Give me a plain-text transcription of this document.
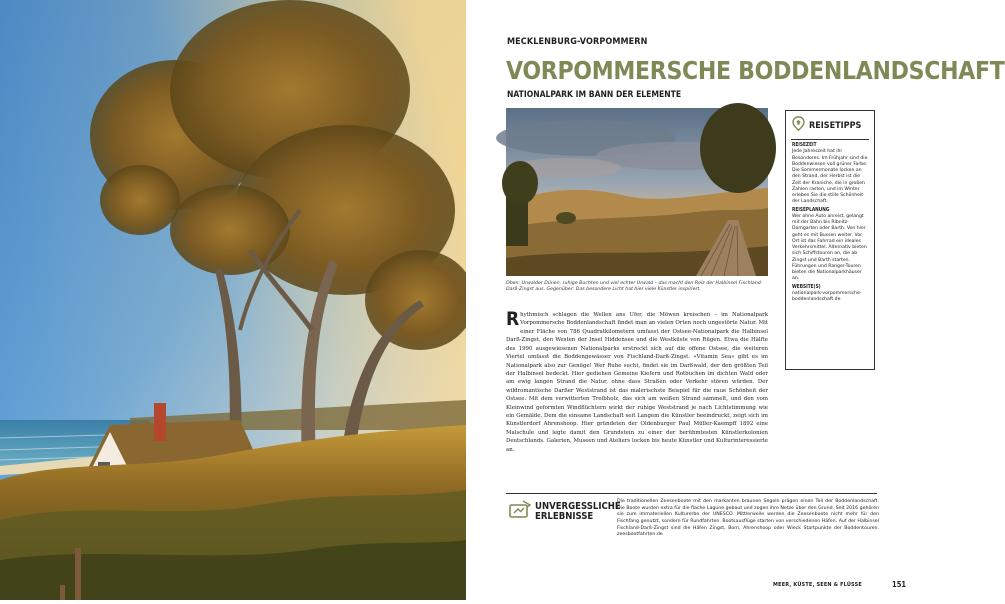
MECKLENBURG-VORPOMMERN
VORPOMMERSCHE BODDENLANDSCHAFT
NATIONALPARK IM BANN DER ELEMENTE
Oben: Urwalder Dünen, ruhige Buchten und viel echter Urwald – das macht den Reiz der Halbinsel Fischland-Darß-Zingst aus. Gegenüber: Das besondere Licht hat hier viele Künstler inspiriert.

Rhythmisch schlagen die Wellen ans Ufer, die Möwen kreischen – im Nationalpark Vorpommersche Boddenlandschaft findet man an vielen Orten noch ungestörte Natur. Mit einer Fläche von 786 Quadratkilometern umfasst der Ostsee-Nationalpark die Halbinsel Darß-Zingst, den Westen der Insel Hiddensee und die Westküste von Rügen. Etwa die Hälfte des 1990 ausgewiesenen Nationalparks erstreckt sich auf die offene Ostsee, die weiteren Viertel umfasst die Boddengewässer von Fischland-Darß-Zingst. »Vitamin Sea« gibt es im Nationalpark also zur Genüge! Wer Ruhe sucht, findet sie im Darßwald, der den größten Teil der Halbinsel bedeckt. Hier gediehen Gemeine Kiefern und Rotbuchen im dichten Wald oder am ewig langen Strand die Natur, ohne dass Straßen oder Verkehr stören würden. Der wildromantische Darßer Weststrand ist das malerischste Beispiel für die raue Schönheit der Ostsee. Mit dem verwitterten Treibholz, das sich am weißen Strand sammelt, und den vom Kleinwind geformten Windflüchtern wirkt der ruhige Weststrand je nach Lichtstimmung wie ein Gemälde. Dem die einsame Landschaft seit Langem die Künstler beeindruckt, zeigt sich im Künstlerdorf Ahrenshoop. Hier gründeten der Oldenburger Paul Müller-Kaempff 1892 eine Malschule und legte damit den Grundstein zu einer der berühmtesten Künstlerkolonien Deutschlands. Galerien, Museen und Ateliers locken bis heute Künstler und Kulturinteressierte an.

REISETIPPS

REISEZEIT
Jede Jahreszeit hat ihr Besonderes. Im Frühjahr sind die Boddenwiesen voll grüner Farbe. Die Sommermonate locken an den Strand, der Herbst ist die Zeit der Kraniche, die in großen Zahlen rasten, und im Winter erleben Sie die stille Schönheit der Landschaft.

REISEPLANUNG
Wer ohne Auto anreist, gelangt mit der Bahn bis Ribnitz-Damgarten oder Barth. Von hier geht es mit Bussen weiter. Vor Ort ist das Fahrrad ein ideales Verkehrsmittel. Alternativ bieten sich Schiffstouren an, die ab Zingst und Barth starten. Führungen und Ranger-Touren bieten die Nationalparkhäuser an.

WEBSITE(S)
nationalpark-vorpommersche-boddenlandschaft.de

UNVERGESSLICHE
ERLEBNISSE
Die traditionellen Zeesenboote mit den markanten braunen Segeln prägen einen Teil der Boddenlandschaft. Die Boote wurden extra für die flache Lagune gebaut und zogen ihre Netze über den Grund. Seit 2016 gehören sie zum immateriellen Kulturerbe der UNESCO. Mittlerweile werden die Zeesenboote nicht mehr für den Fischfang genutzt, sondern für Rundfahrten. Bootsausflüge starten von verschiedenen Häfen. Auf der Halbinsel Fischland-Darß-Zingst sind die Häfen Zingst, Born, Ahrenshoop oder Wieck Startpunkte der Boddentouren. zeesbootfahrten.de
MEER, KÜSTE, SEEN & FLÜSSE	151
